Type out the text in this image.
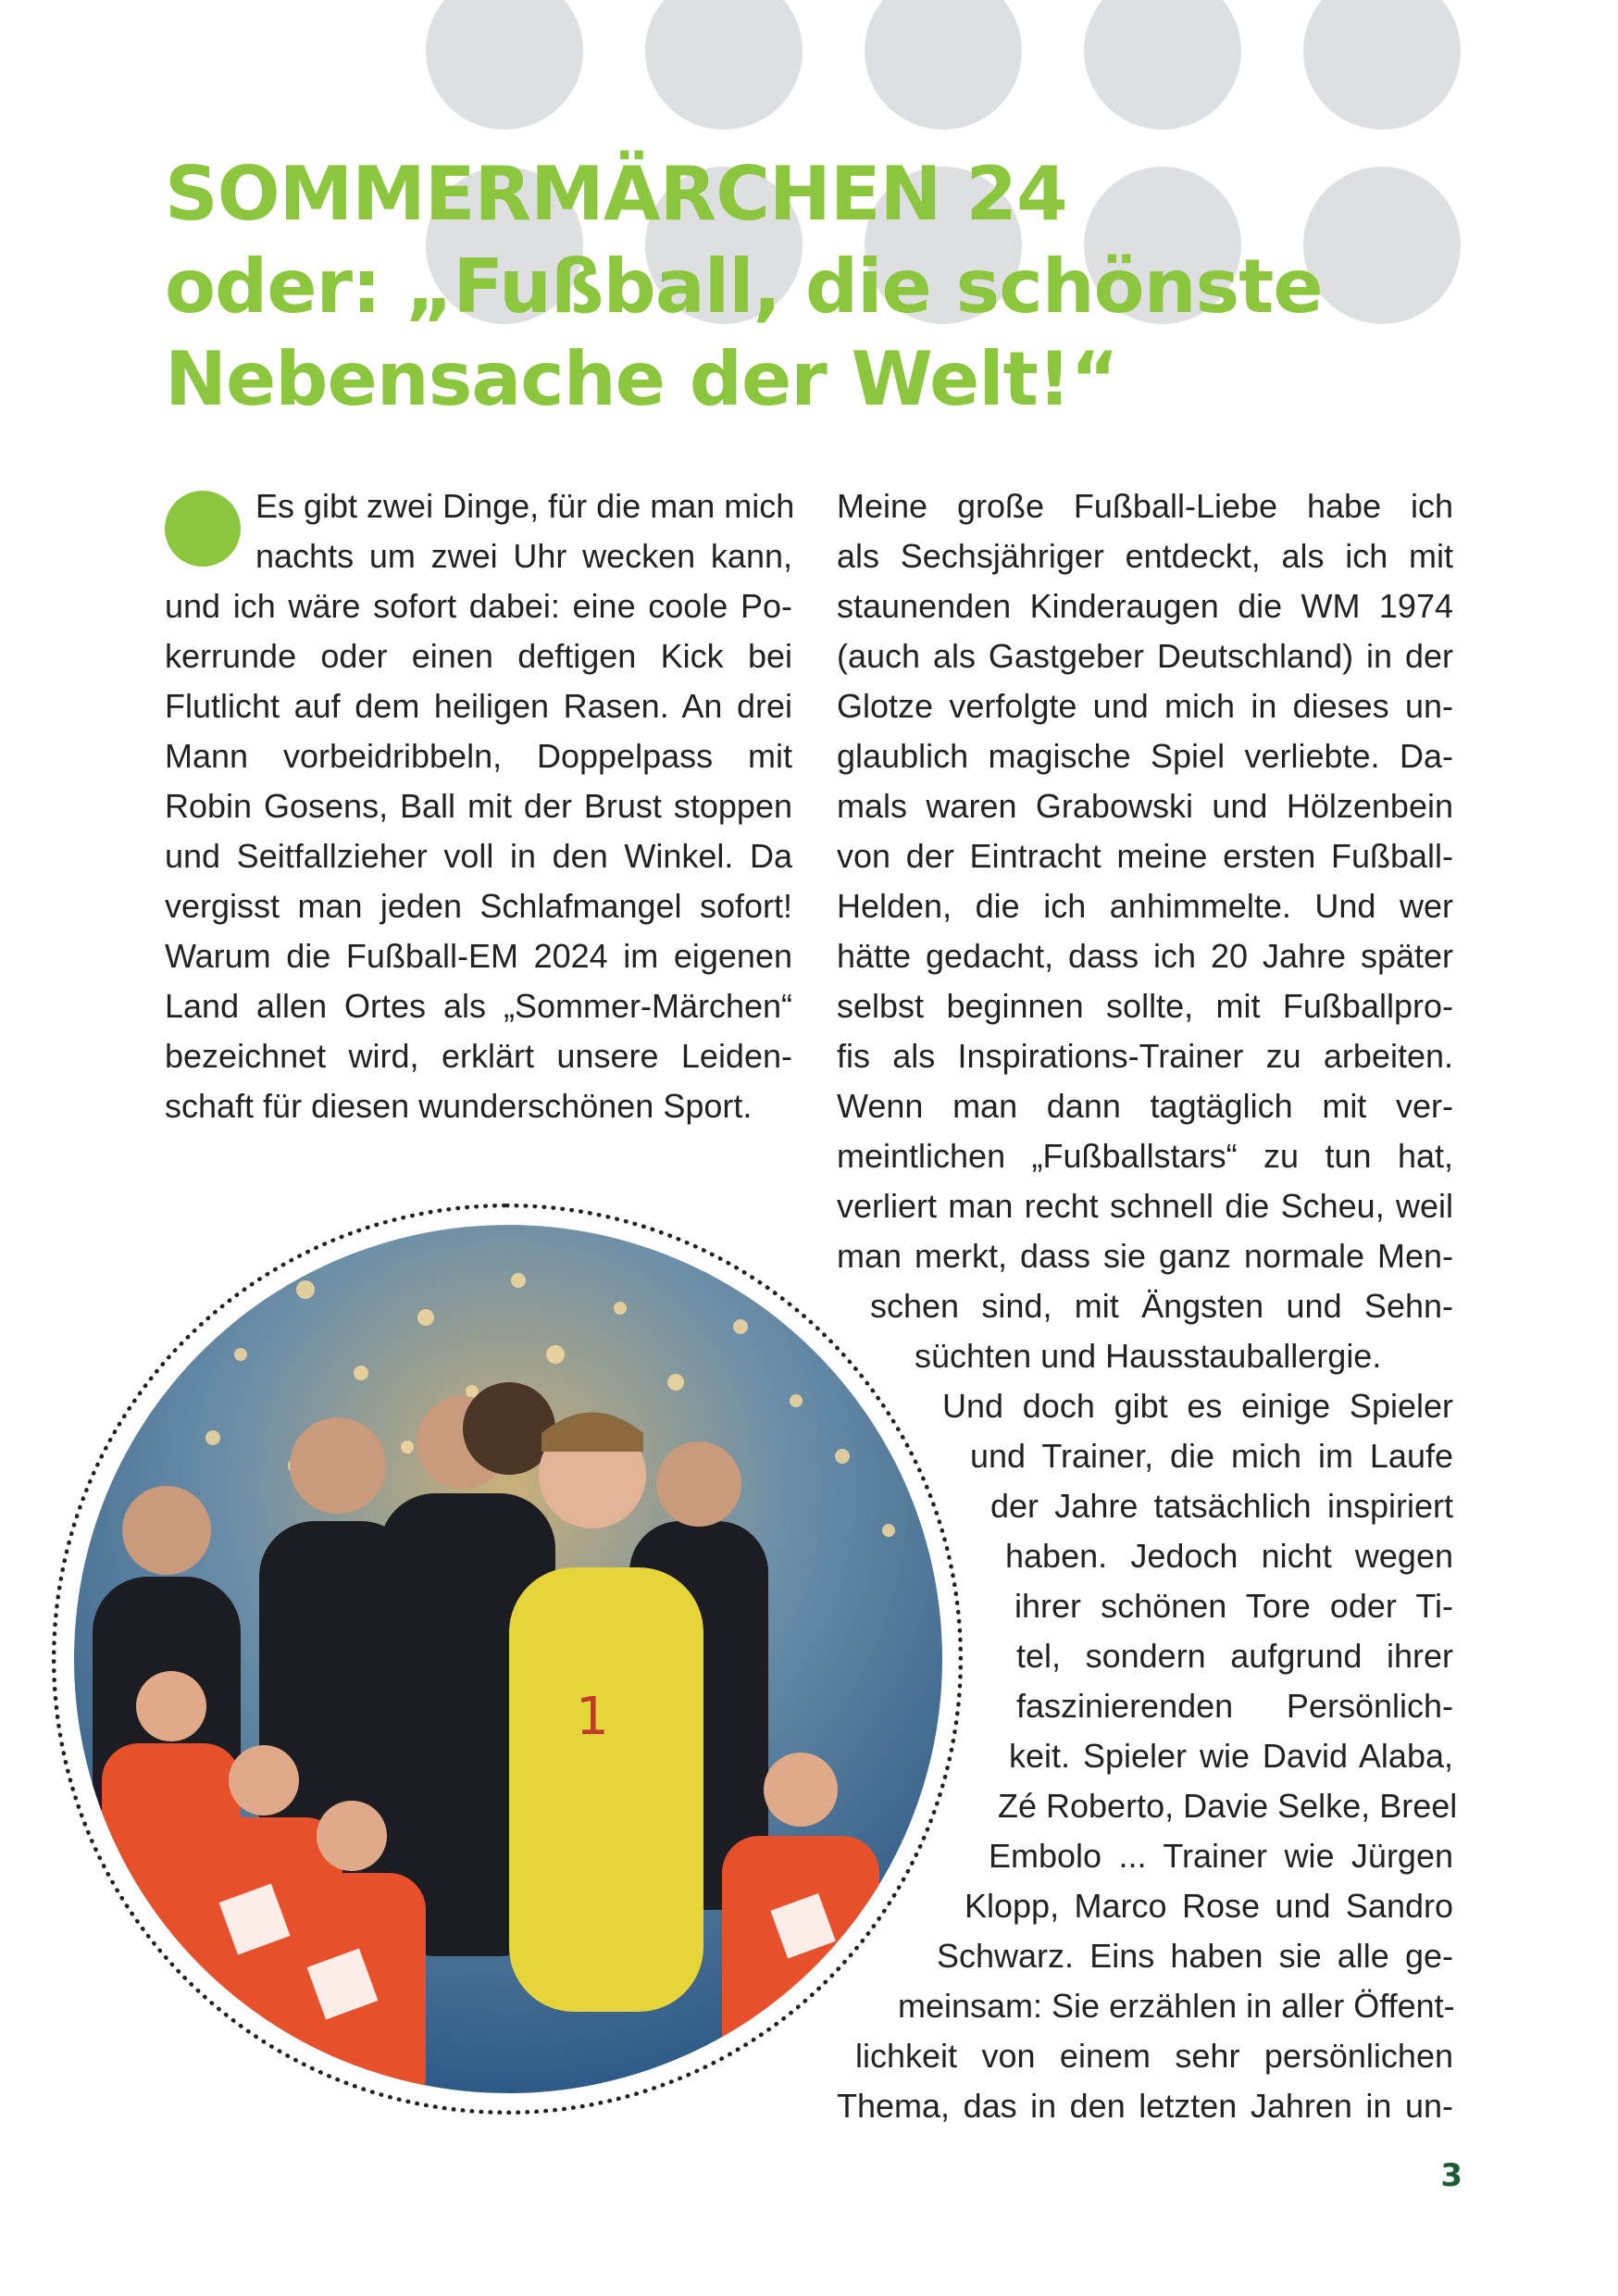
SOMMERMÄRCHEN 24
oder: „Fußball, die schönste
Nebensache der Welt!“
Es gibt zwei Dinge, für die man mich
nachts um zwei Uhr wecken kann,
und ich wäre sofort dabei: eine coole Po-
kerrunde oder einen deftigen Kick bei
Flutlicht auf dem heiligen Rasen. An drei
Mann vorbeidribbeln, Doppelpass mit
Robin Gosens, Ball mit der Brust stoppen
und Seitfallzieher voll in den Winkel. Da
vergisst man jeden Schlafmangel sofort!
Warum die Fußball-EM 2024 im eigenen
Land allen Ortes als „Sommer-Märchen“
bezeichnet wird, erklärt unsere Leiden-
schaft für diesen wunderschönen Sport.
Meine große Fußball-Liebe habe ich
als Sechsjähriger entdeckt, als ich mit
staunenden Kinderaugen die WM 1974
(auch als Gastgeber Deutschland) in der
Glotze verfolgte und mich in dieses un-
glaublich magische Spiel verliebte. Da-
mals waren Grabowski und Hölzenbein
von der Eintracht meine ersten Fußball-
Helden, die ich anhimmelte. Und wer
hätte gedacht, dass ich 20 Jahre später
selbst beginnen sollte, mit Fußballpro-
fis als Inspirations-Trainer zu arbeiten.
Wenn man dann tagtäglich mit ver-
meintlichen „Fußballstars“ zu tun hat,
verliert man recht schnell die Scheu, weil
man merkt, dass sie ganz normale Men-
schen sind, mit Ängsten und Sehn-
süchten und Hausstauballergie.
Und doch gibt es einige Spieler
und Trainer, die mich im Laufe
der Jahre tatsächlich inspiriert
haben. Jedoch nicht wegen
ihrer schönen Tore oder Ti-
tel, sondern aufgrund ihrer
faszinierenden Persönlich-
keit. Spieler wie David Alaba,
Zé Roberto, Davie Selke, Breel
Embolo ... Trainer wie Jürgen
Klopp, Marco Rose und Sandro
Schwarz. Eins haben sie alle ge-
meinsam: Sie erzählen in aller Öffent-
lichkeit von einem sehr persönlichen
Thema, das in den letzten Jahren in un-
1
3
